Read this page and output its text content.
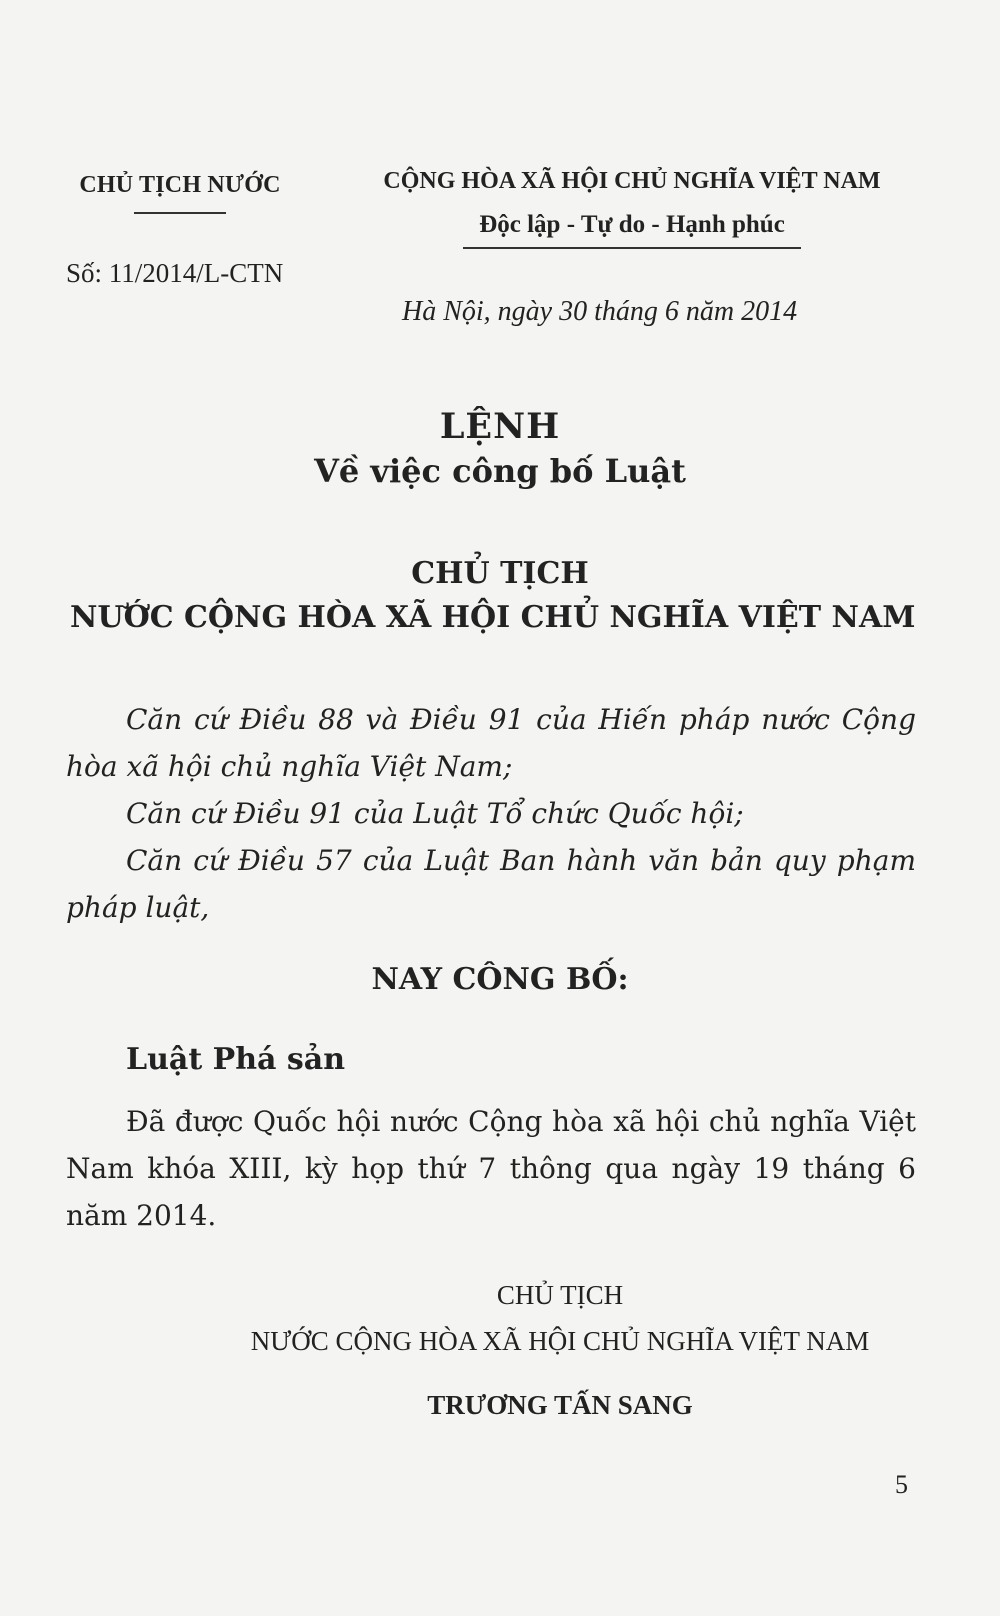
CHỦ TỊCH NƯỚC
Số: 11/2014/L-CTN
CỘNG HÒA XÃ HỘI CHỦ NGHĨA VIỆT NAM
Độc lập - Tự do - Hạnh phúc
Hà Nội, ngày 30 tháng 6 năm 2014
LỆNH
Về việc công bố Luật
CHỦ TỊCH
NƯỚC CỘNG HÒA XÃ HỘI CHỦ NGHĨA VIỆT NAM

Căn cứ Điều 88 và Điều 91 của Hiến pháp nước Cộng hòa xã hội chủ nghĩa Việt Nam;

Căn cứ Điều 91 của Luật Tổ chức Quốc hội;

Căn cứ Điều 57 của Luật Ban hành văn bản quy phạm pháp luật,

NAY CÔNG BỐ:
Luật Phá sản

Đã được Quốc hội nước Cộng hòa xã hội chủ nghĩa Việt Nam khóa XIII, kỳ họp thứ 7 thông qua ngày 19 tháng 6 năm 2014.

CHỦ TỊCH
NƯỚC CỘNG HÒA XÃ HỘI CHỦ NGHĨA VIỆT NAM
TRƯƠNG TẤN SANG
5
